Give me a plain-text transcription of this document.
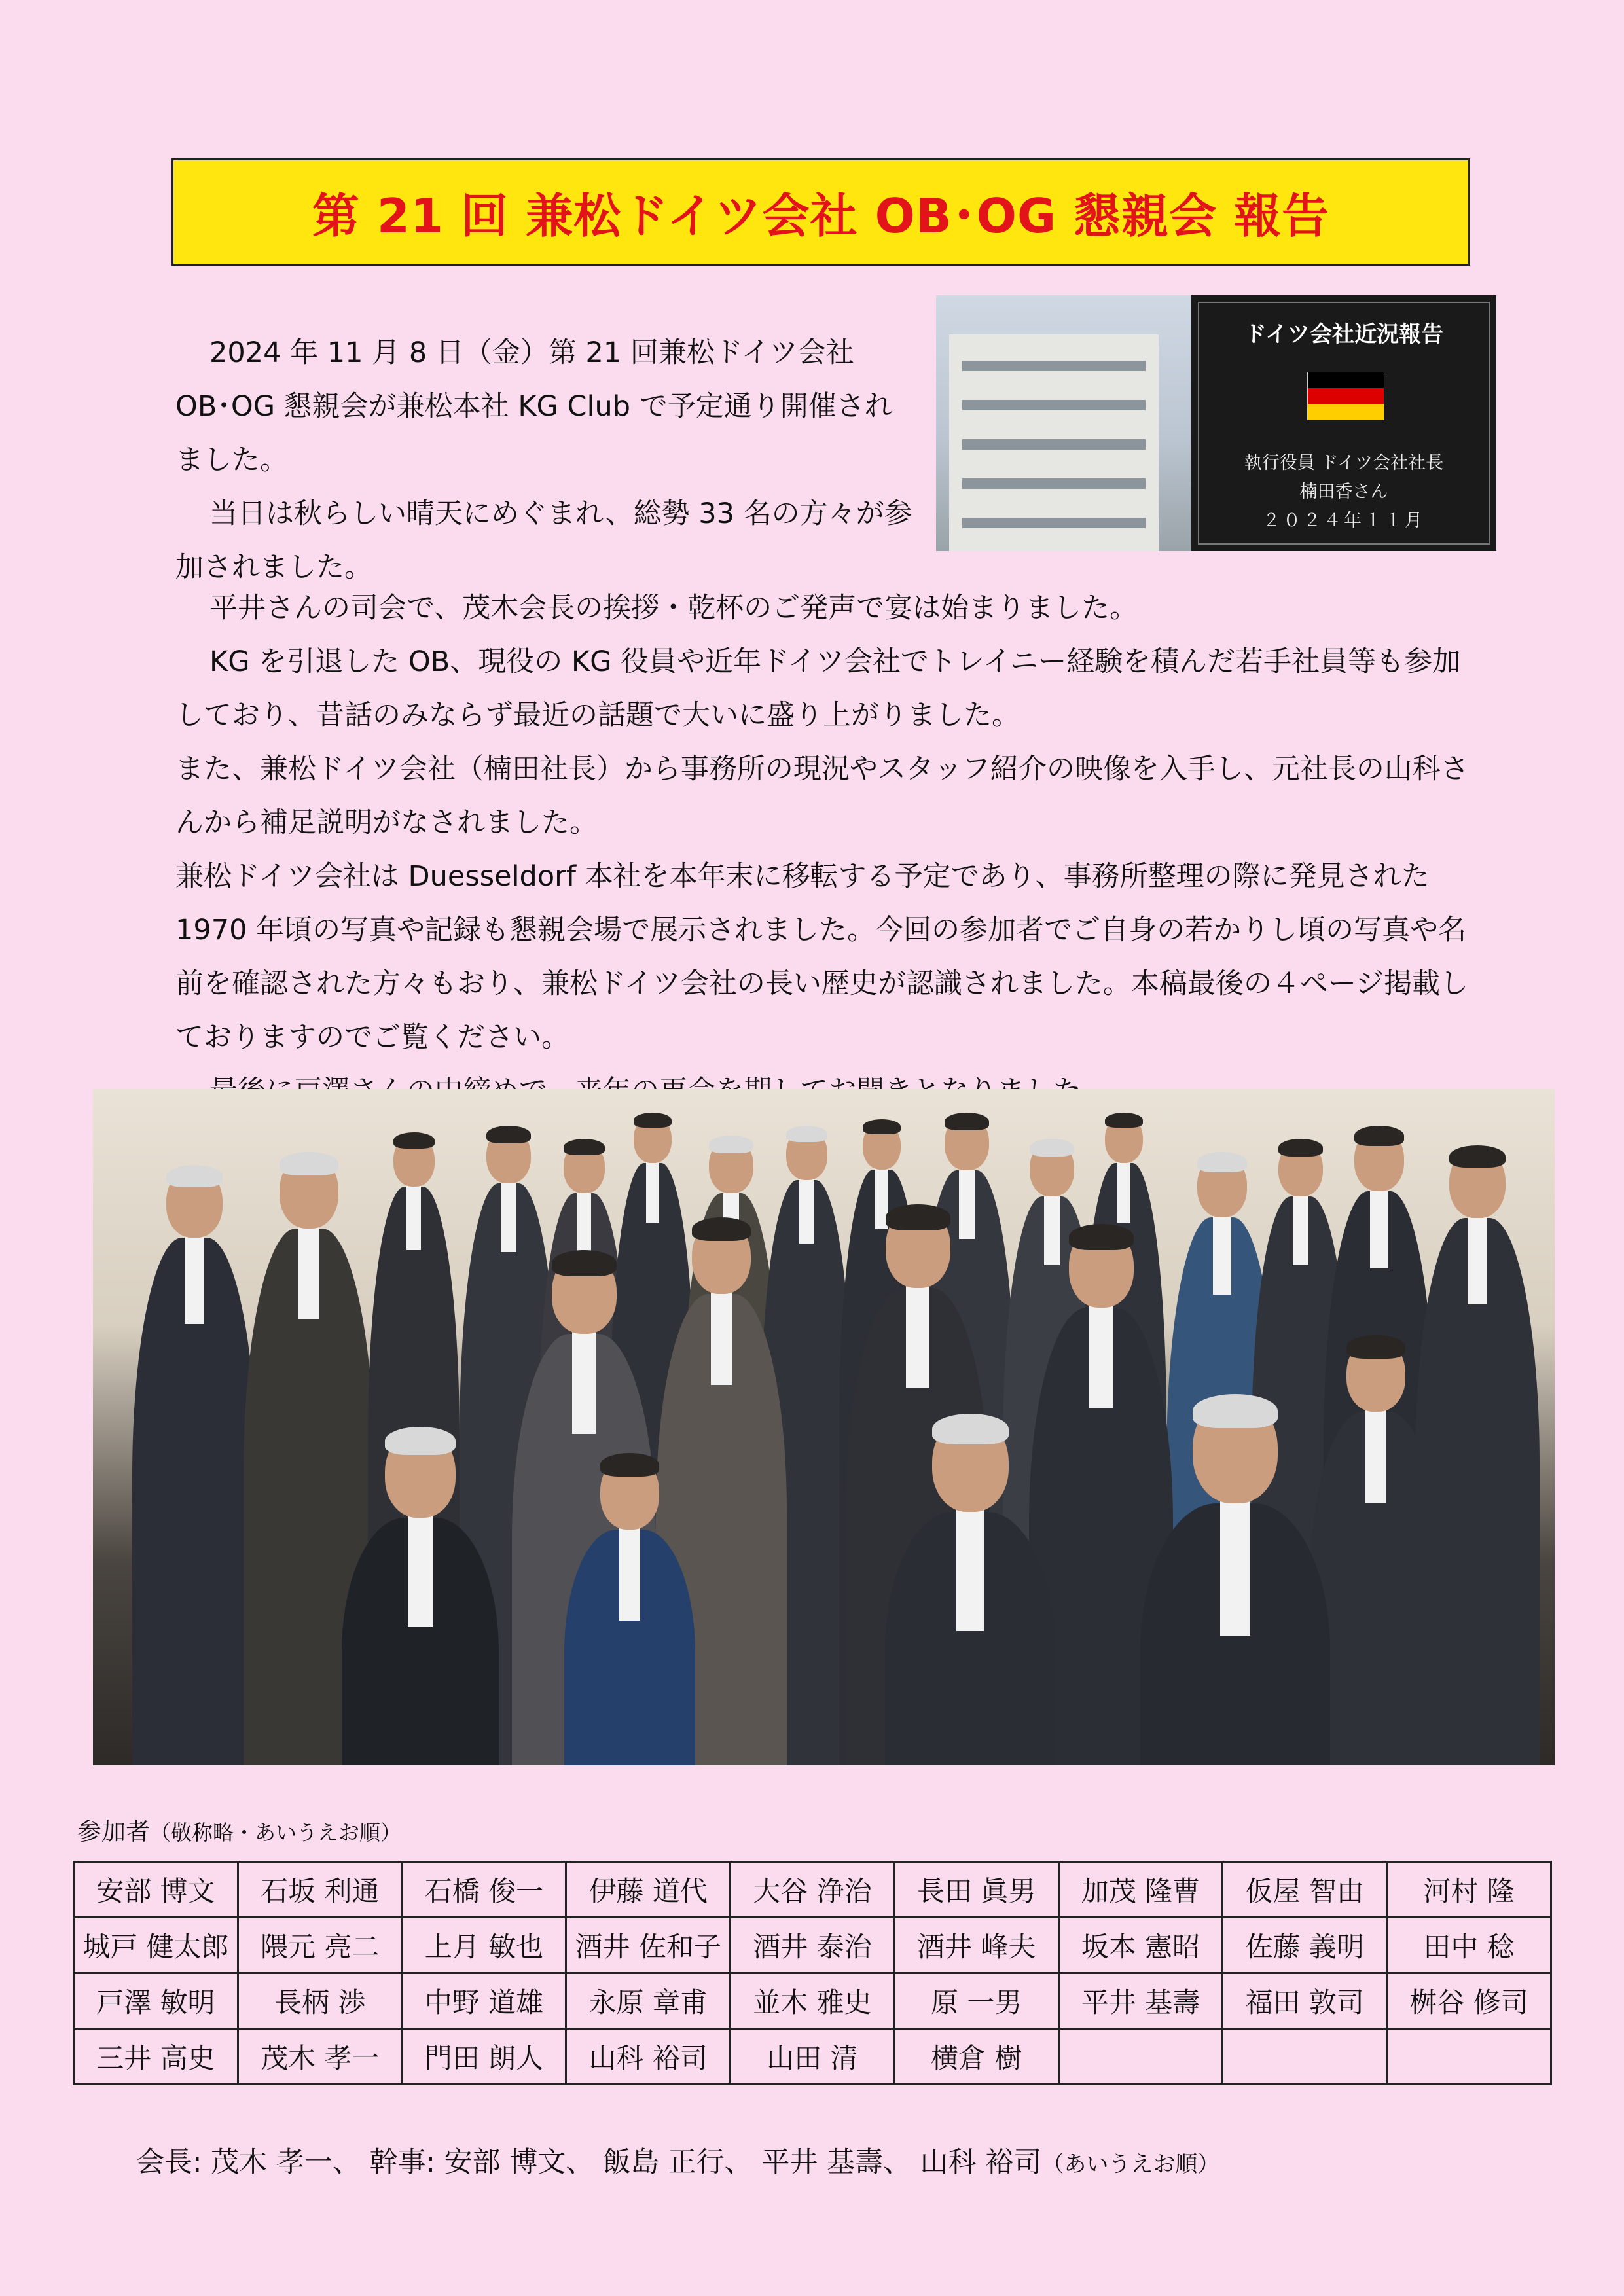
第 21 回 兼松ドイツ会社 OB･OG 懇親会 報告

2024 年 11 月 8 日（金）第 21 回兼松ドイツ会社 OB･OG 懇親会が兼松本社 KG Club で予定通り開催されました。

当日は秋らしい晴天にめぐまれ、総勢 33 名の方々が参加されました。

ドイツ会社近況報告
執行役員 ドイツ会社社長
楠田香さん
２０２４年１１月

平井さんの司会で、茂木会長の挨拶・乾杯のご発声で宴は始まりました。

KG を引退した OB、現役の KG 役員や近年ドイツ会社でトレイニー経験を積んだ若手社員等も参加しており、昔話のみならず最近の話題で大いに盛り上がりました。

また、兼松ドイツ会社（楠田社長）から事務所の現況やスタッフ紹介の映像を入手し、元社長の山科さんから補足説明がなされました。

兼松ドイツ会社は Duesseldorf 本社を本年末に移転する予定であり、事務所整理の際に発見された 1970 年頃の写真や記録も懇親会場で展示されました。今回の参加者でご自身の若かりし頃の写真や名前を確認された方々もおり、兼松ドイツ会社の長い歴史が認識されました。本稿最後の４ページ掲載しておりますのでご覧ください。

参加者（敬称略・あいうえお順）
安部 博文	石坂 利通	石橋 俊一	伊藤 道代	大谷 浄治	長田 眞男	加茂 隆曹	仮屋 智由	河村 隆
城戸 健太郎	隈元 亮二	上月 敏也	酒井 佐和子	酒井 泰治	酒井 峰夫	坂本 憲昭	佐藤 義明	田中 稔
戸澤 敏明	長柄 渉	中野 道雄	永原 章甫	並木 雅史	原 一男	平井 基壽	福田 敦司	桝谷 修司
三井 高史	茂木 孝一	門田 朗人	山科 裕司	山田 清	横倉 樹			
会長: 茂木 孝一、 幹事: 安部 博文、 飯島 正行、 平井 基壽、 山科 裕司（あいうえお順）
